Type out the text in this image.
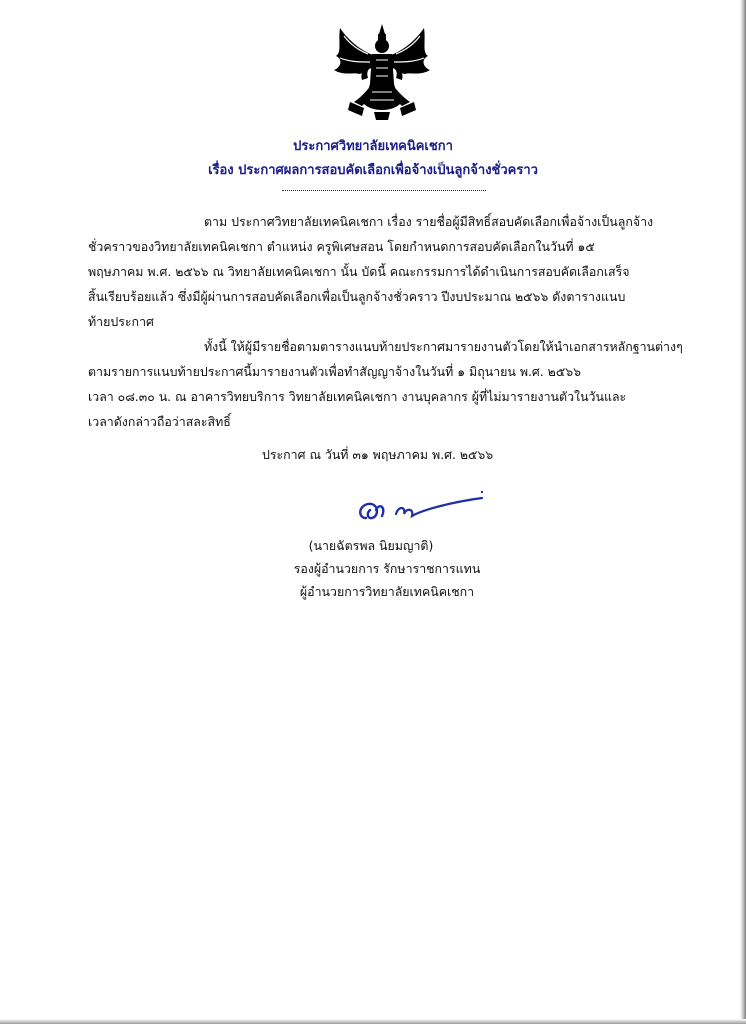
ประกาศวิทยาลัยเทคนิคเชกา
เรื่อง ประกาศผลการสอบคัดเลือกเพื่อจ้างเป็นลูกจ้างชั่วคราว
ตาม ประกาศวิทยาลัยเทคนิคเชกา เรื่อง รายชื่อผู้มีสิทธิ์สอบคัดเลือกเพื่อจ้างเป็นลูกจ้าง
ชั่วคราวของวิทยาลัยเทคนิคเชกา ตำแหน่ง ครูพิเศษสอน โดยกำหนดการสอบคัดเลือกในวันที่ ๑๕
พฤษภาคม พ.ศ. ๒๕๖๖ ณ วิทยาลัยเทคนิคเชกา นั้น บัดนี้ คณะกรรมการได้ดำเนินการสอบคัดเลือกเสร็จ
สิ้นเรียบร้อยแล้ว ซึ่งมีผู้ผ่านการสอบคัดเลือกเพื่อเป็นลูกจ้างชั่วคราว ปีงบประมาณ ๒๕๖๖ ดังตารางแนบ
ท้ายประกาศ
ทั้งนี้ ให้ผู้มีรายชื่อตามตารางแนบท้ายประกาศมารายงานตัวโดยให้นำเอกสารหลักฐานต่างๆ
ตามรายการแนบท้ายประกาศนี้มารายงานตัวเพื่อทำสัญญาจ้างในวันที่ ๑ มิถุนายน พ.ศ. ๒๕๖๖
เวลา ๐๘.๓๐ น. ณ อาคารวิทยบริการ วิทยาลัยเทคนิคเชกา งานบุคลากร ผู้ที่ไม่มารายงานตัวในวันและ
เวลาดังกล่าวถือว่าสละสิทธิ์
ประกาศ ณ วันที่ ๓๑ พฤษภาคม พ.ศ. ๒๕๖๖
(นายฉัตรพล นิยมญาติ)
รองผู้อำนวยการ รักษาราชการแทน
ผู้อำนวยการวิทยาลัยเทคนิคเชกา
